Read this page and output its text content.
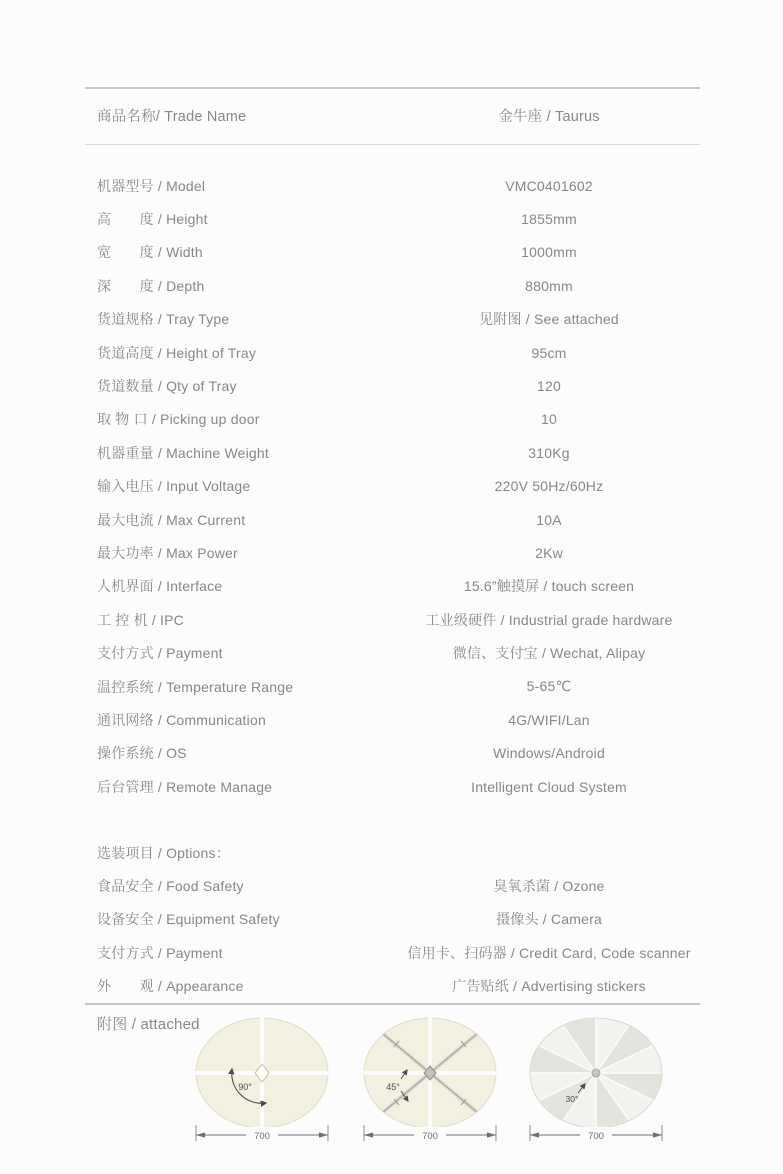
商品名称/ Trade Name	金牛座 / Taurus
机器型号 / Model	VMC0401602
高　　度 / Height	1855mm
宽　　度 / Width	1000mm
深　　度 / Depth	880mm
货道规格 / Tray Type	见附图 / See attached
货道高度 / Height of Tray	95cm
货道数量 / Qty of Tray	120
取 物 口 / Picking up door	10
机器重量 / Machine Weight	310Kg
输入电压 / Input Voltage	220V 50Hz/60Hz
最大电流 / Max Current	10A
最大功率 / Max Power	2Kw
人机界面 / Interface	15.6”触摸屏 / touch screen
工 控 机 / IPC	工业级硬件 / Industrial grade hardware
支付方式 / Payment	微信、支付宝 / Wechat, Alipay
温控系统 / Temperature Range	5-65℃
通讯网络 / Communication	4G/WIFI/Lan
操作系统 / OS	Windows/Android
后台管理 / Remote Manage	Intelligent Cloud System
选装项目 / Options：
食品安全 / Food Safety	臭氧杀菌 / Ozone
设备安全 / Equipment Safety	摄像头 / Camera
支付方式 / Payment	信用卡、扫码器 / Credit Card, Code scanner
外　　观 / Appearance	广告贴纸 / Advertising stickers
附图 / attached
90°
700
45°
700
30°
700
